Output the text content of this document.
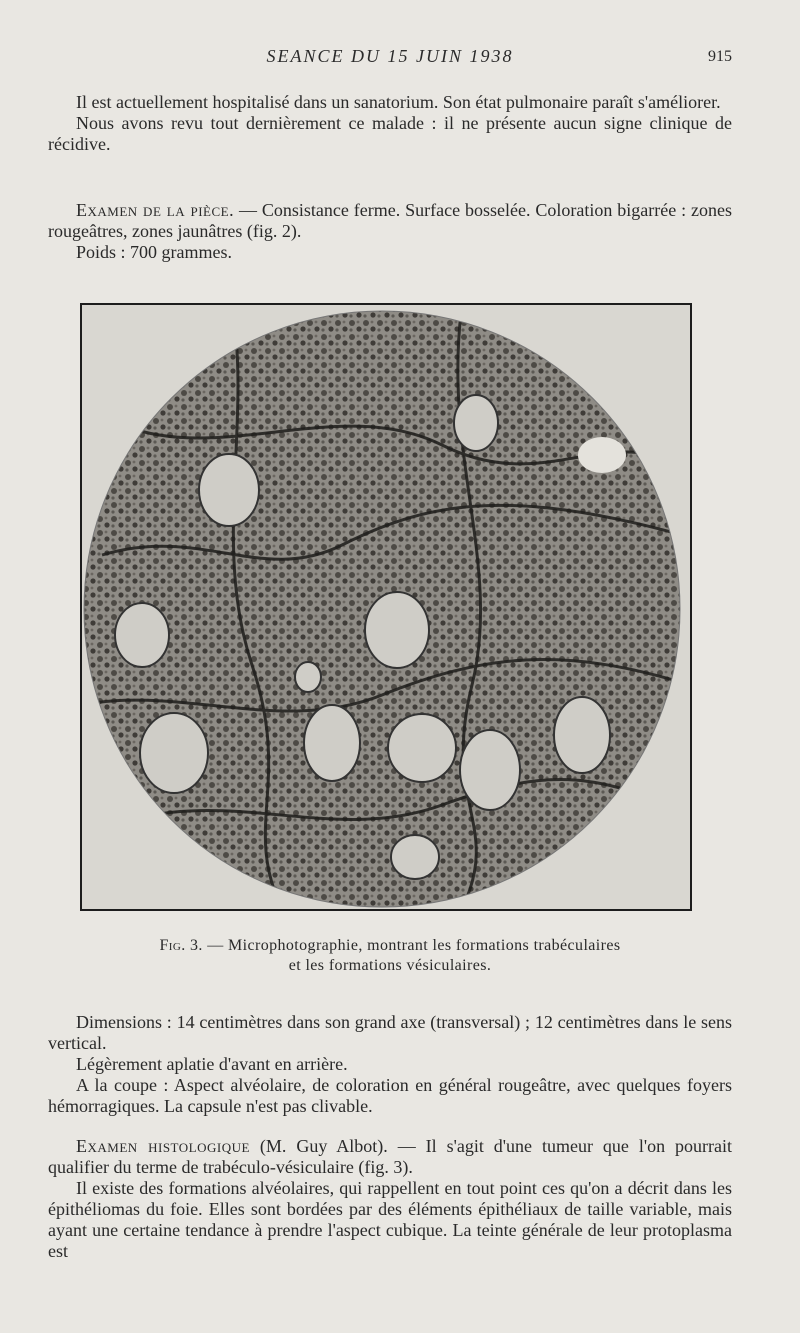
SEANCE DU 15 JUIN 1938	915

Il est actuellement hospitalisé dans un sanatorium. Son état pulmonaire paraît s'améliorer.

Nous avons revu tout dernièrement ce malade : il ne présente aucun signe clinique de récidive.

Examen de la pièce. — Consistance ferme. Surface bosselée. Coloration bigarrée : zones rougeâtres, zones jaunâtres (fig. 2).

Poids : 700 grammes.

Fig. 3. — Microphotographie, montrant les formations trabéculaires
et les formations vésiculaires.

Dimensions : 14 centimètres dans son grand axe (transversal) ; 12 centimètres dans le sens vertical.

Légèrement aplatie d'avant en arrière.

A la coupe : Aspect alvéolaire, de coloration en général rougeâtre, avec quelques foyers hémorragiques. La capsule n'est pas clivable.

Examen histologique (M. Guy Albot). — Il s'agit d'une tumeur que l'on pourrait qualifier du terme de trabéculo-vésiculaire (fig. 3).

Il existe des formations alvéolaires, qui rappellent en tout point ces qu'on a décrit dans les épithéliomas du foie. Elles sont bordées par des éléments épithéliaux de taille variable, mais ayant une certaine tendance à prendre l'aspect cubique. La teinte générale de leur protoplasma est
